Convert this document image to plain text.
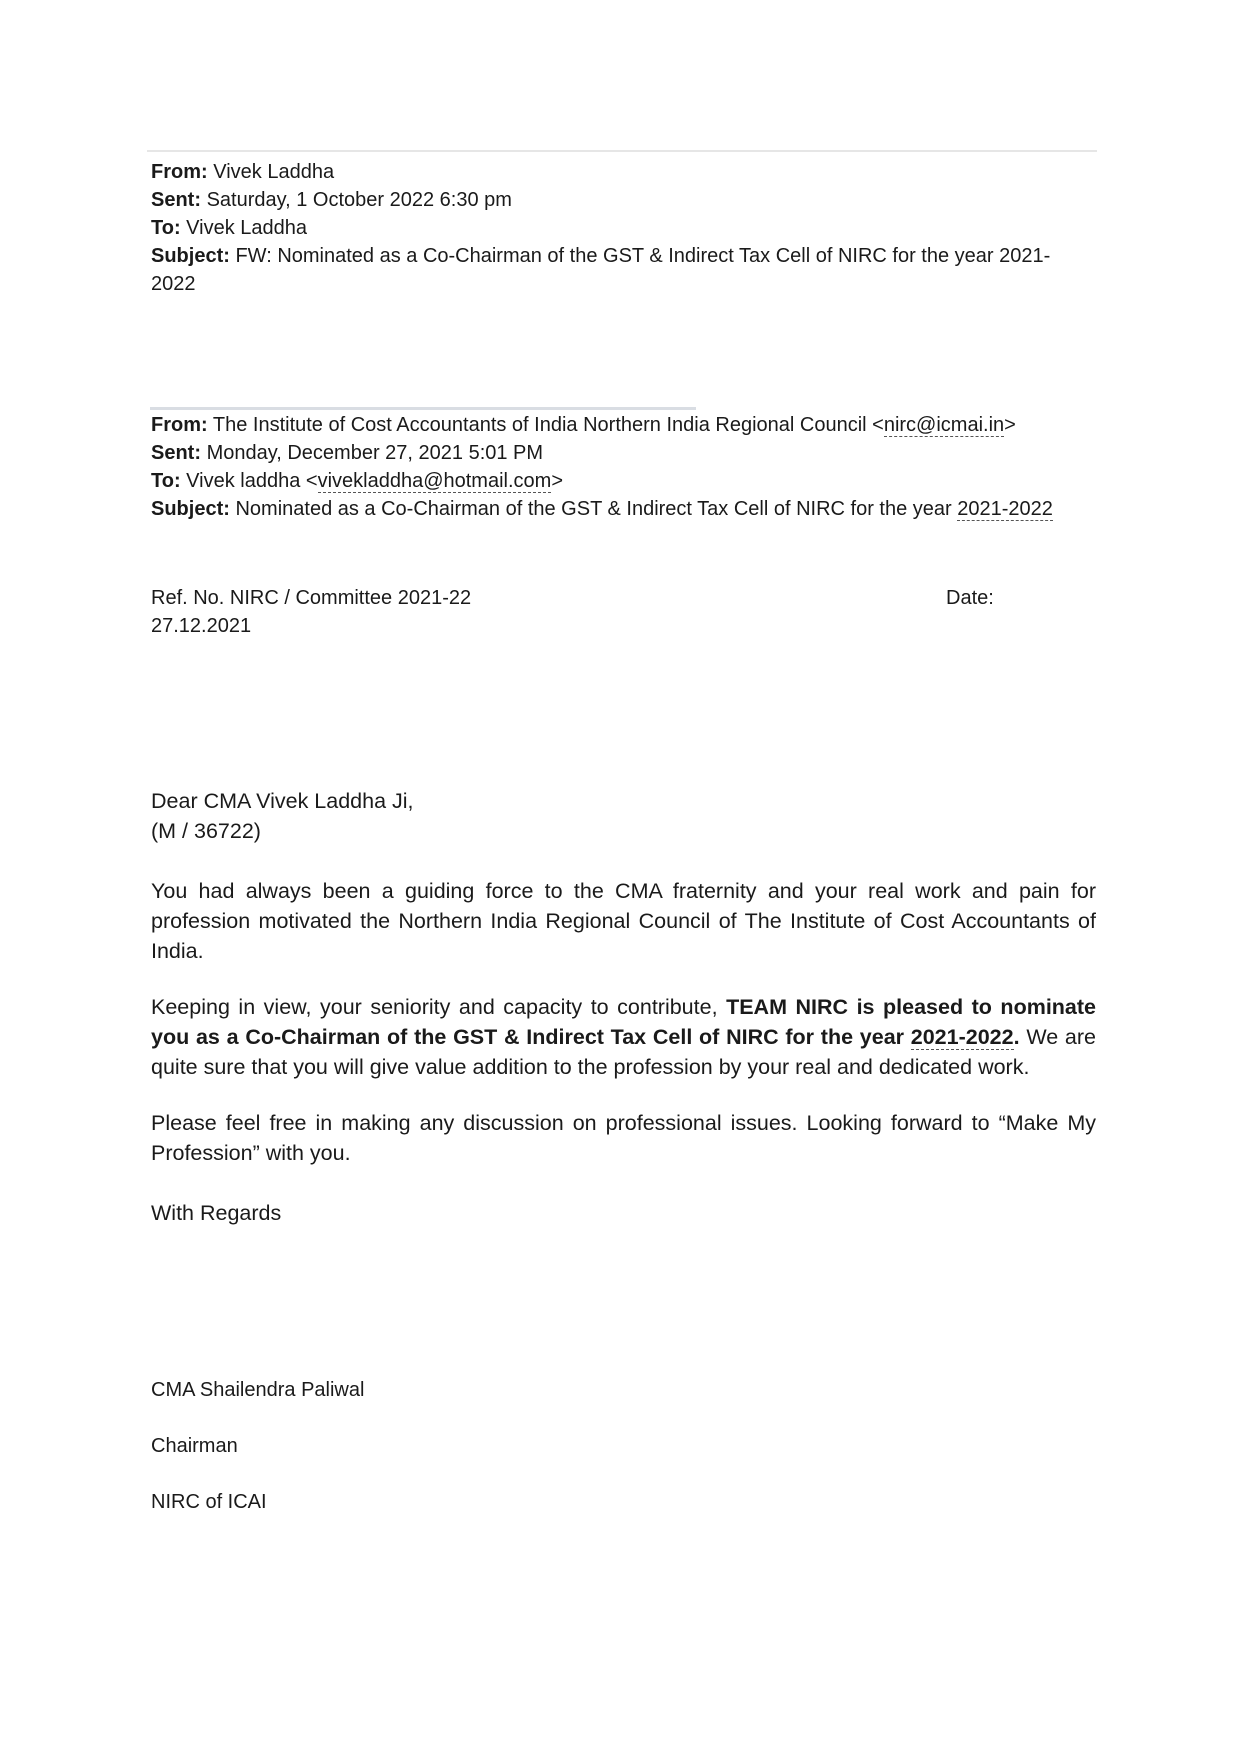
From: Vivek Laddha
Sent: Saturday, 1 October 2022 6:30 pm
To: Vivek Laddha
Subject: FW: Nominated as a Co-Chairman of the GST & Indirect Tax Cell of NIRC for the year 2021-2022
From: The Institute of Cost Accountants of India Northern India Regional Council <nirc@icmai.in>
Sent: Monday, December 27, 2021 5:01 PM
To: Vivek laddha <vivekladdha@hotmail.com>
Subject: Nominated as a Co-Chairman of the GST & Indirect Tax Cell of NIRC for the year 2021-2022
Ref. No. NIRC / Committee 2021-22	Date:
27.12.2021
Dear CMA Vivek Laddha Ji,
(M / 36722)
You had always been a guiding force to the CMA fraternity and your real work and pain for profession motivated the Northern India Regional Council of The Institute of Cost Accountants of India.
Keeping in view, your seniority and capacity to contribute, TEAM NIRC is pleased to nominate you as a Co-Chairman of the GST & Indirect Tax Cell of NIRC for the year 2021-2022. We are quite sure that you will give value addition to the profession by your real and dedicated work.
Please feel free in making any discussion on professional issues. Looking forward to “Make My Profession” with you.
With Regards
CMA Shailendra Paliwal
Chairman
NIRC of ICAI
